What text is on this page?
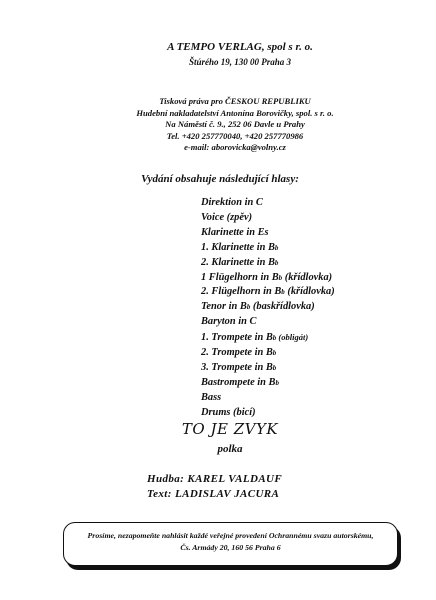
A TEMPO VERLAG, spol s r. o.
Štúrého 19, 130 00 Praha 3
Tisková práva pro ČESKOU REPUBLIKU
Hudební nakladatelství Antonína Borovičky, spol. s r. o.
Na Náměstí č. 9., 252 06 Davle u Prahy
Tel. +420 257770040, +420 257770986
e-mail: aborovicka@volny.cz
Vydání obsahuje následující hlasy:
Direktion in C
Voice (zpěv)
Klarinette in Es
1. Klarinette in Bb
2. Klarinette in Bb
1 Flügelhorn in Bb (křídlovka)
2. Flügelhorn in Bb (křídlovka)
Tenor in Bb (baskřídlovka)
Baryton in C
1. Trompete in Bb (obligát)
2. Trompete in Bb
3. Trompete in Bb
Bastrompete in Bb
Bass
Drums (bicí)
TO JE ZVYK
polka
Hudba: KAREL VALDAUF
Text: LADISLAV JACURA
Prosíme, nezapomeňte nahlásit každé veřejné provedení Ochrannému svazu autorskému,
Čs. Armády 20, 160 56 Praha 6
